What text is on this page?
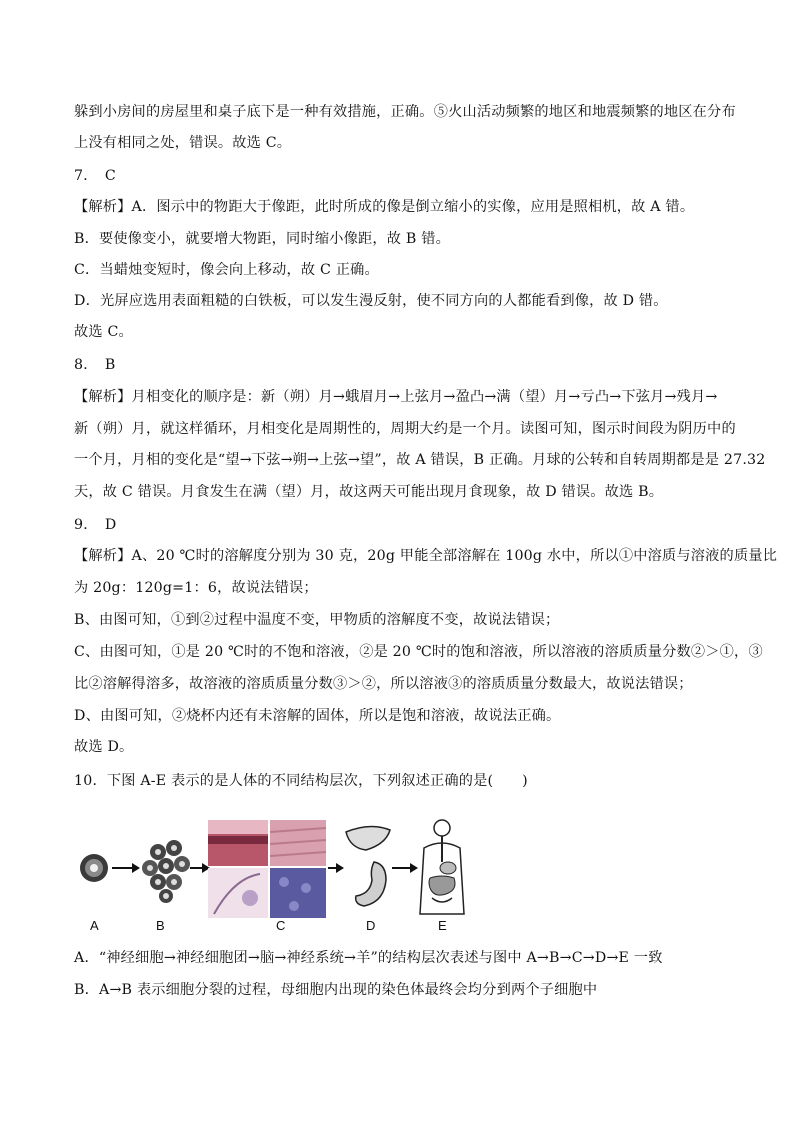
躲到小房间的房屋里和桌子底下是一种有效措施，正确。⑤火山活动频繁的地区和地震频繁的地区在分布
上没有相同之处，错误。故选 C。
7．　C
【解析】A．图示中的物距大于像距，此时所成的像是倒立缩小的实像，应用是照相机，故 A 错。
B．要使像变小，就要增大物距，同时缩小像距，故 B 错。
C．当蜡烛变短时，像会向上移动，故 C 正确。
D．光屏应选用表面粗糙的白铁板，可以发生漫反射，使不同方向的人都能看到像，故 D 错。
故选 C。
8．　B
【解析】月相变化的顺序是：新（朔）月→蛾眉月→上弦月→盈凸→满（望）月→亏凸→下弦月→残月→
新（朔）月，就这样循环，月相变化是周期性的，周期大约是一个月。读图可知，图示时间段为阴历中的
一个月，月相的变化是“望→下弦→朔→上弦→望”，故 A 错误，B 正确。月球的公转和自转周期都是是 27.32
天，故 C 错误。月食发生在满（望）月，故这两天可能出现月食现象，故 D 错误。故选 B。
9．　D
【解析】A、20 ℃时的溶解度分别为 30 克，20g 甲能全部溶解在 100g 水中，所以①中溶质与溶液的质量比
为 20g：120g=1：6，故说法错误；
B、由图可知，①到②过程中温度不变，甲物质的溶解度不变，故说法错误；
C、由图可知，①是 20 ℃时的不饱和溶液，②是 20 ℃时的饱和溶液，所以溶液的溶质质量分数②＞①，③
比②溶解得溶多，故溶液的溶质质量分数③＞②，所以溶液③的溶质质量分数最大，故说法错误；
D、由图可知，②烧杯内还有未溶解的固体，所以是饱和溶液，故说法正确。
故选 D。
10．下图 A-E 表示的是人体的不同结构层次，下列叙述正确的是(　　)
A	B	C	D	E
A．“神经细胞→神经细胞团→脑→神经系统→羊”的结构层次表述与图中 A→B→C→D→E 一致
B．A→B 表示细胞分裂的过程，母细胞内出现的染色体最终会均分到两个子细胞中
